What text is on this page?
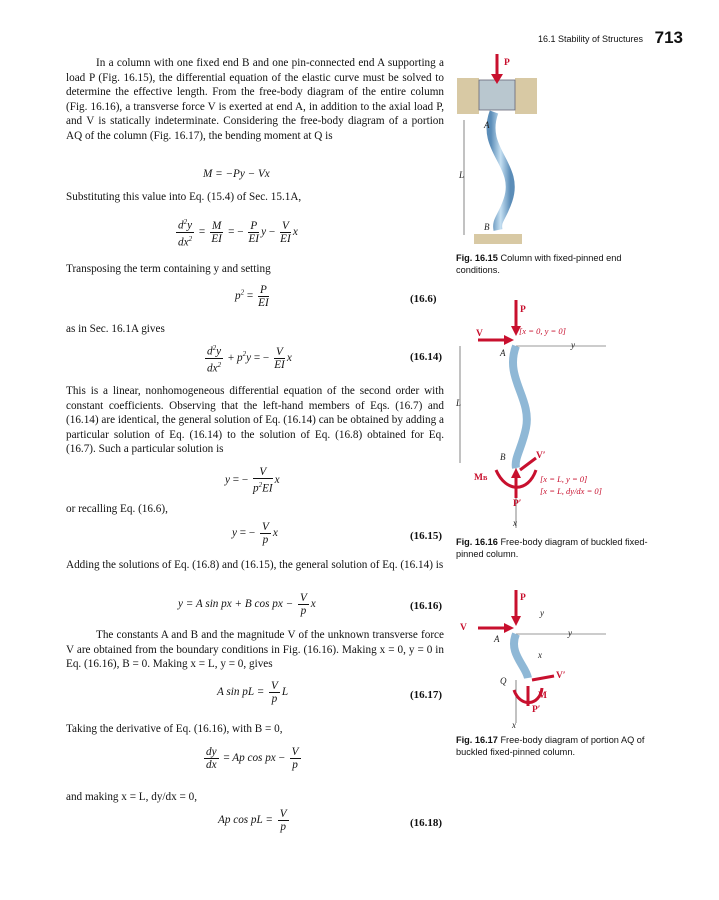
16.1 Stability of Structures 713
In a column with one fixed end B and one pin-connected end A supporting a load P (Fig. 16.15), the differential equation of the elastic curve must be solved to determine the effective length. From the free-body diagram of the entire column (Fig. 16.16), a transverse force V is exerted at end A, in addition to the axial load P, and V is statically indeterminate. Considering the free-body diagram of a portion AQ of the column (Fig. 16.17), the bending moment at Q is
M = −Py − Vx
Substituting this value into Eq. (15.4) of Sec. 15.1A,
$\frac{d^2y}{dx^2} = \frac{M}{EI}$ = − $\frac{P}{EI}$ $y - \frac{V}{EI}$ x
Transposing the term containing y and setting
$p^2 = \frac{P}{EI}$	(16.6)
as in Sec. 16.1A gives
$\frac{d^2y}{dx^2} + p^2y$ = − $\frac{V}{EI}$ x	(16.14)
This is a linear, nonhomogeneous differential equation of the second order with constant coefficients. Observing that the left-hand members of Eqs. (16.7) and (16.14) are identical, the general solution of Eq. (16.14) can be obtained by adding a particular solution of Eq. (16.14) to the solution of Eq. (16.8) obtained for Eq. (16.7). Such a particular solution is
y = − $\frac{V}{p^2EI}$ x
or recalling Eq. (16.6),
y = − $\frac{V}{p}$ x	(16.15)
Adding the solutions of Eq. (16.8) and (16.15), the general solution of Eq. (16.14) is
y = A sin px + B cos px − $\frac{V}{p}$ x	(16.16)
The constants A and B and the magnitude V of the unknown transverse force V are obtained from the boundary conditions in Fig. (16.16). Making x = 0, y = 0 in Eq. (16.16), B = 0. Making x = L, y = 0, gives
A sin pL = $\frac{V}{p}$ L	(16.17)
Taking the derivative of Eq. (16.16), with B = 0,
$\frac{dy}{dx} = Ap$ cos px − $\frac{V}{p}$
and making x = L, dy/dx = 0,
Ap cos pL = $\frac{V}{p}$	(16.18)
P
A
B
L
Fig. 16.15 Column with fixed-pinned end conditions.
P
V	[x = 0, y = 0]
y
A
L
B
x
MB
P′
V′
[x = L, y = 0]
[x = L, dy/dx = 0]
Fig. 16.16 Free-body diagram of buckled fixed-pinned column.
P
V
y
y
A
Q
x
x
M
P′
V′
Fig. 16.17 Free-body diagram of portion AQ of buckled fixed-pinned column.
